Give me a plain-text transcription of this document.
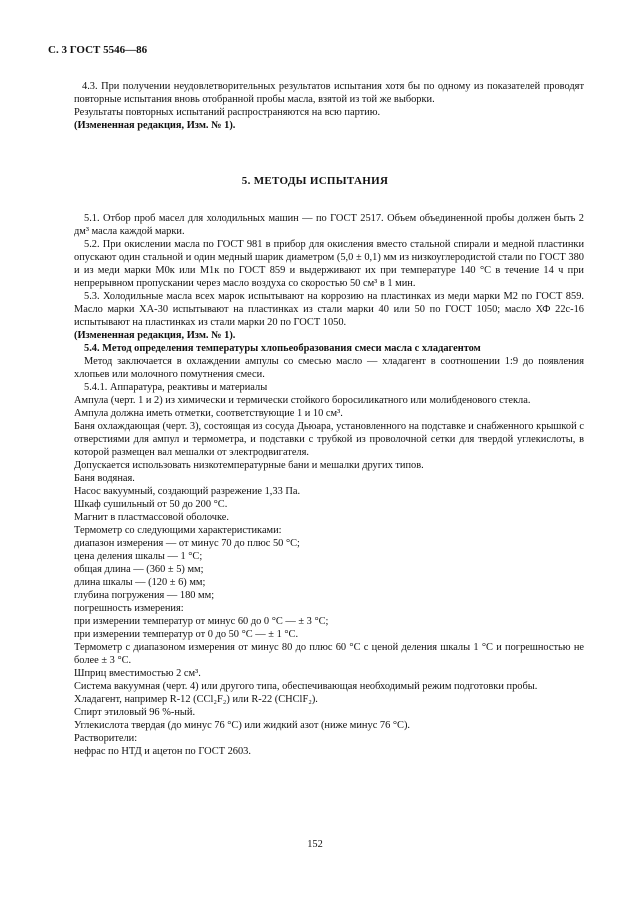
С. 3 ГОСТ 5546—86

4.3. При получении неудовлетворительных результатов испытания хотя бы по одному из показателей проводят повторные испытания вновь отобранной пробы масла, взятой из той же выборки.

Результаты повторных испытаний распространяются на всю партию.

(Измененная редакция, Изм. № 1).

5. МЕТОДЫ ИСПЫТАНИЯ

5.1. Отбор проб масел для холодильных машин — по ГОСТ 2517. Объем объединенной пробы должен быть 2 дм³ масла каждой марки.

5.2. При окислении масла по ГОСТ 981 в прибор для окисления вместо стальной спирали и медной пластинки опускают один стальной и один медный шарик диаметром (5,0 ± 0,1) мм из низкоуглеродистой стали по ГОСТ 380 и из меди марки М0к или М1к по ГОСТ 859 и выдерживают их при температуре 140 °С в течение 14 ч при непрерывном пропускании через масло воздуха со скоростью 50 см³ в 1 мин.

5.3. Холодильные масла всех марок испытывают на коррозию на пластинках из меди марки М2 по ГОСТ 859. Масло марки ХА-30 испытывают на пластинках из стали марки 40 или 50 по ГОСТ 1050; масло ХФ 22с-16 испытывают на пластинках из стали марки 20 по ГОСТ 1050.

(Измененная редакция, Изм. № 1).

5.4. Метод определения температуры хлопьеобразования смеси масла с хладагентом

Метод заключается в охлаждении ампулы со смесью масло — хладагент в соотношении 1:9 до появления хлопьев или молочного помутнения смеси.

5.4.1. Аппаратура, реактивы и материалы

Ампула (черт. 1 и 2) из химически и термически стойкого боросиликатного или молибденового стекла.

Ампула должна иметь отметки, соответствующие 1 и 10 см³.

Баня охлаждающая (черт. 3), состоящая из сосуда Дьюара, установленного на подставке и снабженного крышкой с отверстиями для ампул и термометра, и подставки с трубкой из проволочной сетки для твердой углекислоты, в которой размещен вал мешалки от электродвигателя.

Допускается использовать низкотемпературные бани и мешалки других типов.

Баня водяная.

Насос вакуумный, создающий разрежение 1,33 Па.

Шкаф сушильный от 50 до 200 °С.

Магнит в пластмассовой оболочке.

Термометр со следующими характеристиками:

диапазон измерения — от минус 70 до плюс 50 °С;

цена деления шкалы — 1 °С;

общая длина — (360 ± 5) мм;

длина шкалы — (120 ± 6) мм;

глубина погружения — 180 мм;

погрешность измерения:

при измерении температур от минус 60 до 0 °С — ± 3 °С;

при измерении температур от 0 до 50 °С — ± 1 °С.

Термометр с диапазоном измерения от минус 80 до плюс 60 °С с ценой деления шкалы 1 °С и погрешностью не более ± 3 °С.

Шприц вместимостью 2 см³.

Система вакуумная (черт. 4) или другого типа, обеспечивающая необходимый режим подготовки пробы.

Хладагент, например R-12 (CCl₂F₂) или R-22 (CHClF₂).

Спирт этиловый 96 %-ный.

Углекислота твердая (до минус 76 °С) или жидкий азот (ниже минус 76 °С).

Растворители:

нефрас по НТД и ацетон по ГОСТ 2603.

152
